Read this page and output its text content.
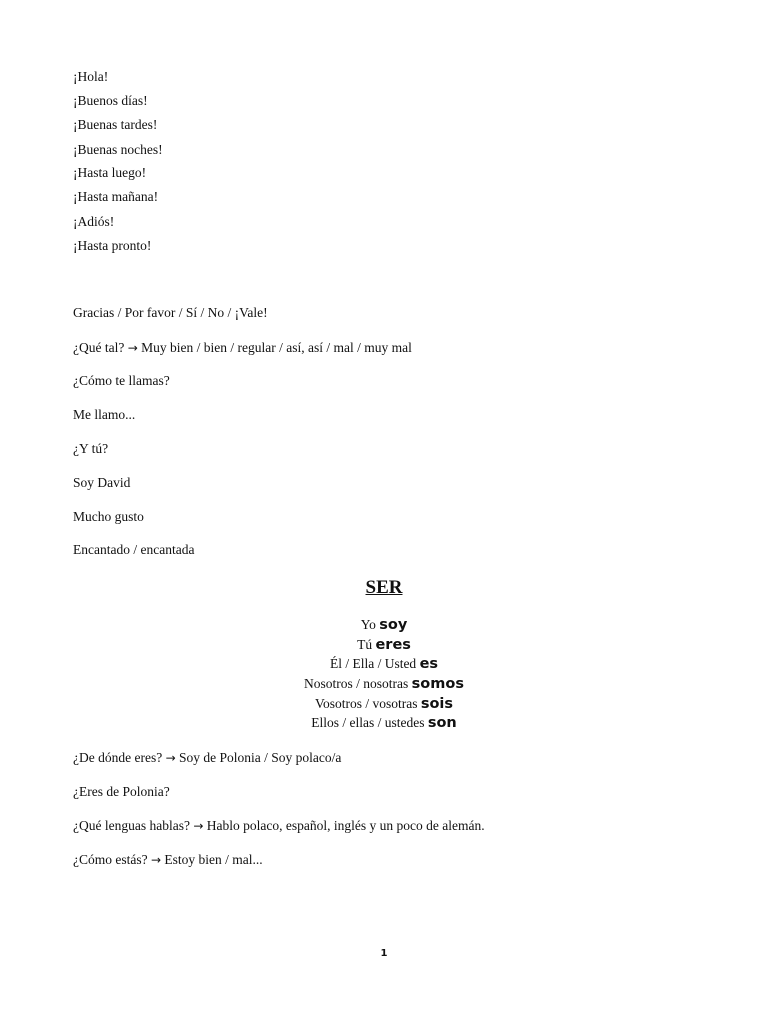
¡Hola!
¡Buenos días!
¡Buenas tardes!
¡Buenas noches!
¡Hasta luego!
¡Hasta mañana!
¡Adiós!
¡Hasta pronto!
Gracias / Por favor / Sí / No / ¡Vale!
¿Qué tal? → Muy bien / bien / regular / así, así / mal / muy mal
¿Cómo te llamas?
Me llamo...
¿Y tú?
Soy David
Mucho gusto
Encantado / encantada
SER
Yo soy
Tú eres
Él / Ella / Usted es
Nosotros / nosotras somos
Vosotros / vosotras sois
Ellos / ellas / ustedes son
¿De dónde eres? → Soy de Polonia / Soy polaco/a
¿Eres de Polonia?
¿Qué lenguas hablas? → Hablo polaco, español, inglés y un poco de alemán.
¿Cómo estás? → Estoy bien / mal...
1
